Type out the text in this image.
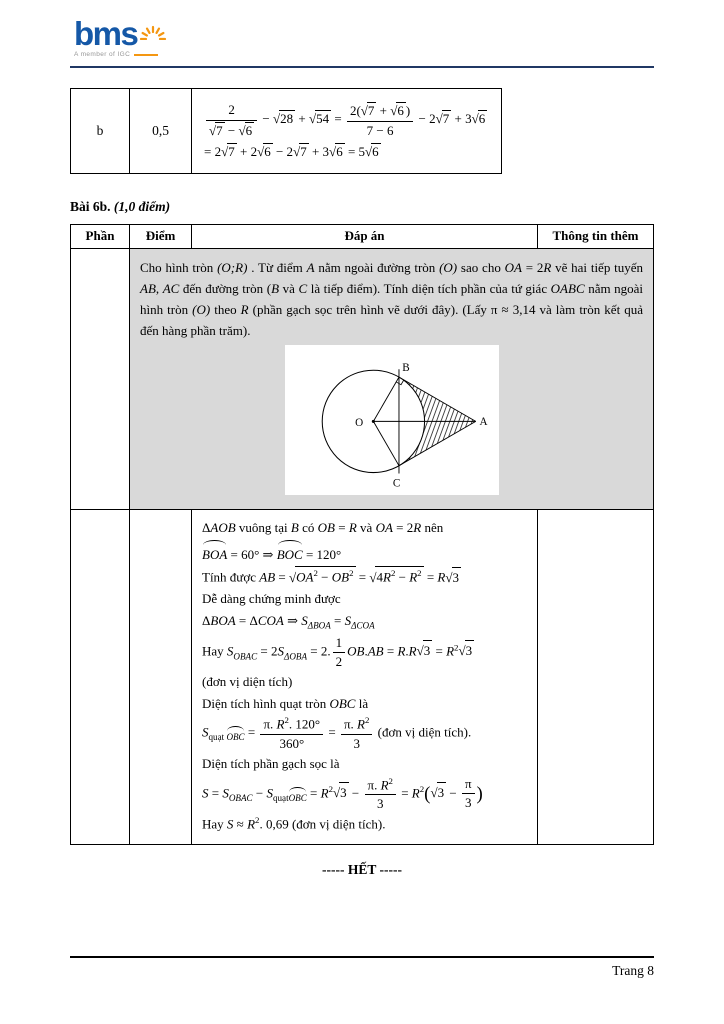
bms
A member of IGC
b	0,5	$\frac{2}{√7 - √6} - √28 + √54 = \frac{2(√7 + √6 )}{7 - 6} - 2√7 + 3√6$
= 2√7 + 2√6 − 2√7 + 3√6 = 5√6
Bài 6b. (1,0 điểm)
Phần	Điểm	Đáp án	Thông tin thêm
Cho hình tròn (O;R) . Từ điểm A nằm ngoài đường tròn (O) sao cho OA = 2R vẽ hai tiếp tuyến AB, AC đến đường tròn (B và C là tiếp điểm). Tính diện tích phần của tứ giác OABC nằm ngoài hình tròn (O) theo R (phần gạch sọc trên hình vẽ dưới đây). (Lấy π ≈ 3,14 và làm tròn kết quả đến hàng phần trăm).
O	A
B
C
ΔAOB vuông tại B có OB = R và OA = 2R nên
BOA = 60° ⇒
BOC = 120°
Tính được AB = $√OA^2 - OB^2 = √4R^2 - R^2 = R√3$
Dễ dàng chứng minh được
ΔBOA = ΔCOA ⇒ $S_{\Delta BOA} = S_{\Delta COA}$
Hay $S_{OBAC} = 2S_{\Delta OBA} = 2$. $\frac{1}{2} OB.AB = R.R√3 = R^2√3$
(đơn vị diện tích)
Diện tích hình quạt tròn OBC là
$S_{quạt OBC} = \frac{\pi. R^2. 120^\circ}{360^\circ} = \frac{\pi. R^2}{3}$ (đơn vị diện tích).
Diện tích phần gạch sọc là
$S = S_{OBAC} - S_{quạt OBC} = R^2√3 - \frac{\pi. R^2}{3} = R^2(√3 - \frac{\pi}{3}$ )
Hay $S \approx R^2$. 0,69 (đơn vị diện tích).
----- HẾT -----
Trang 8
